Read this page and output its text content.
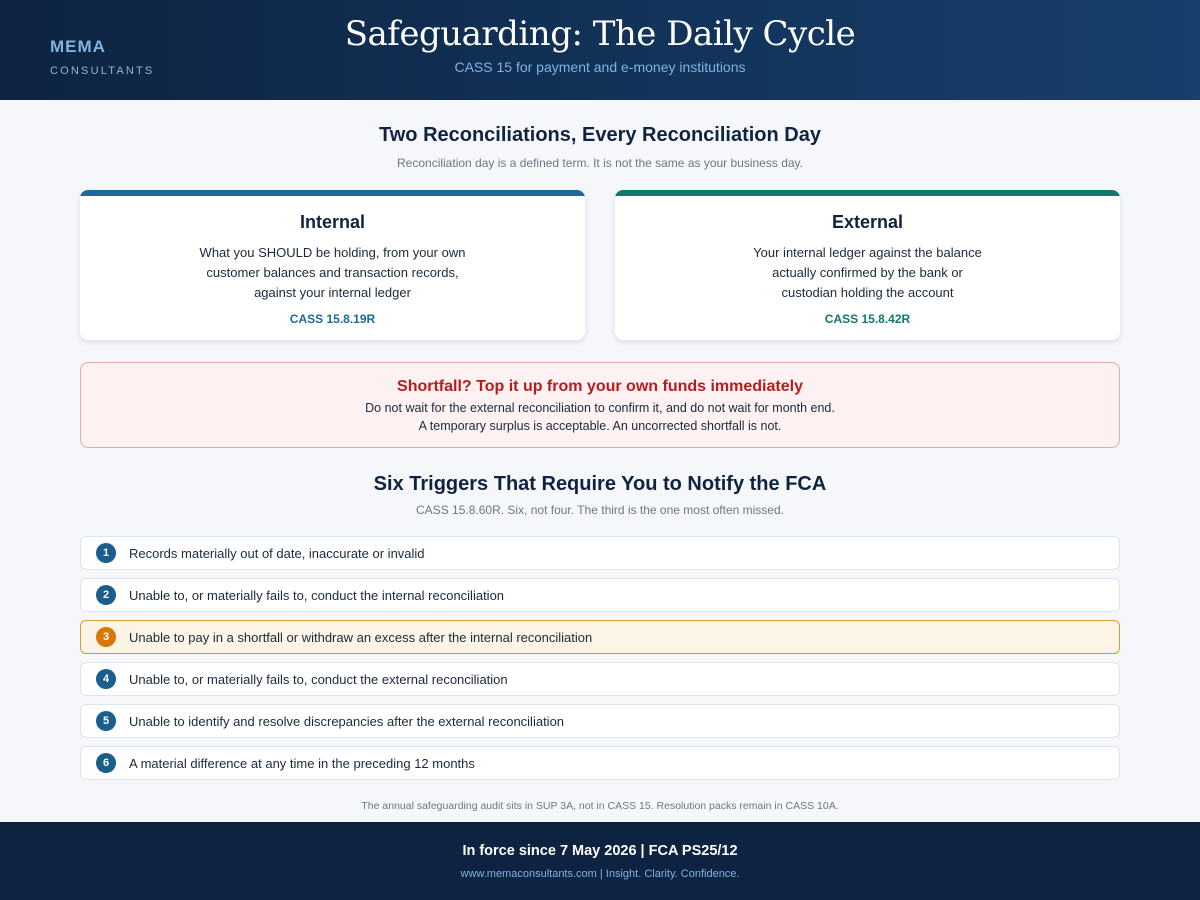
MEMA
CONSULTANTS
Safeguarding: The Daily Cycle
CASS 15 for payment and e-money institutions
Two Reconciliations, Every Reconciliation Day
Reconciliation day is a defined term. It is not the same as your business day.
Internal
What you SHOULD be holding, from your own
customer balances and transaction records,
against your internal ledger
CASS 15.8.19R
External
Your internal ledger against the balance
actually confirmed by the bank or
custodian holding the account
CASS 15.8.42R
Shortfall? Top it up from your own funds immediately
Do not wait for the external reconciliation to confirm it, and do not wait for month end.
A temporary surplus is acceptable. An uncorrected shortfall is not.
Six Triggers That Require You to Notify the FCA
CASS 15.8.60R. Six, not four. The third is the one most often missed.
1	Records materially out of date, inaccurate or invalid
2	Unable to, or materially fails to, conduct the internal reconciliation
3	Unable to pay in a shortfall or withdraw an excess after the internal reconciliation
4	Unable to, or materially fails to, conduct the external reconciliation
5	Unable to identify and resolve discrepancies after the external reconciliation
6	A material difference at any time in the preceding 12 months
The annual safeguarding audit sits in SUP 3A, not in CASS 15. Resolution packs remain in CASS 10A.
In force since 7 May 2026 | FCA PS25/12
www.memaconsultants.com | Insight. Clarity. Confidence.
